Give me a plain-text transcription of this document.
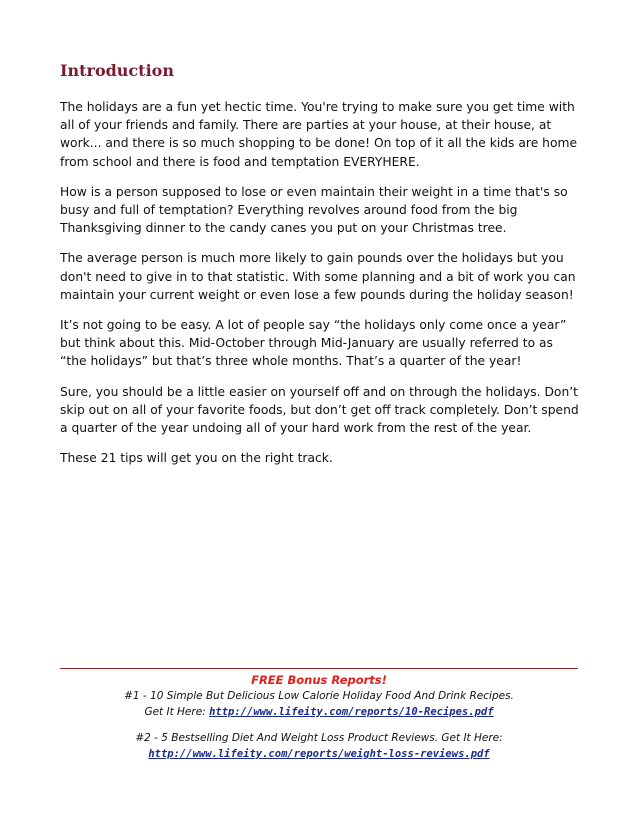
Introduction

The holidays are a fun yet hectic time. You're trying to make sure you get time with all of your friends and family. There are parties at your house, at their house, at work... and there is so much shopping to be done! On top of it all the kids are home from school and there is food and temptation EVERYHERE.

How is a person supposed to lose or even maintain their weight in a time that's so busy and full of temptation? Everything revolves around food from the big Thanksgiving dinner to the candy canes you put on your Christmas tree.

The average person is much more likely to gain pounds over the holidays but you don't need to give in to that statistic. With some planning and a bit of work you can maintain your current weight or even lose a few pounds during the holiday season!

It’s not going to be easy. A lot of people say “the holidays only come once a year” but think about this. Mid-October through Mid-January are usually referred to as “the holidays” but that’s three whole months. That’s a quarter of the year!

Sure, you should be a little easier on yourself off and on through the holidays. Don’t skip out on all of your favorite foods, but don’t get off track completely. Don’t spend a quarter of the year undoing all of your hard work from the rest of the year.

These 21 tips will get you on the right track.

FREE Bonus Reports!

#1 - 10 Simple But Delicious Low Calorie Holiday Food And Drink Recipes.

Get It Here: http://www.lifeity.com/reports/10-Recipes.pdf

#2 - 5 Bestselling Diet And Weight Loss Product Reviews. Get It Here:

http://www.lifeity.com/reports/weight-loss-reviews.pdf
